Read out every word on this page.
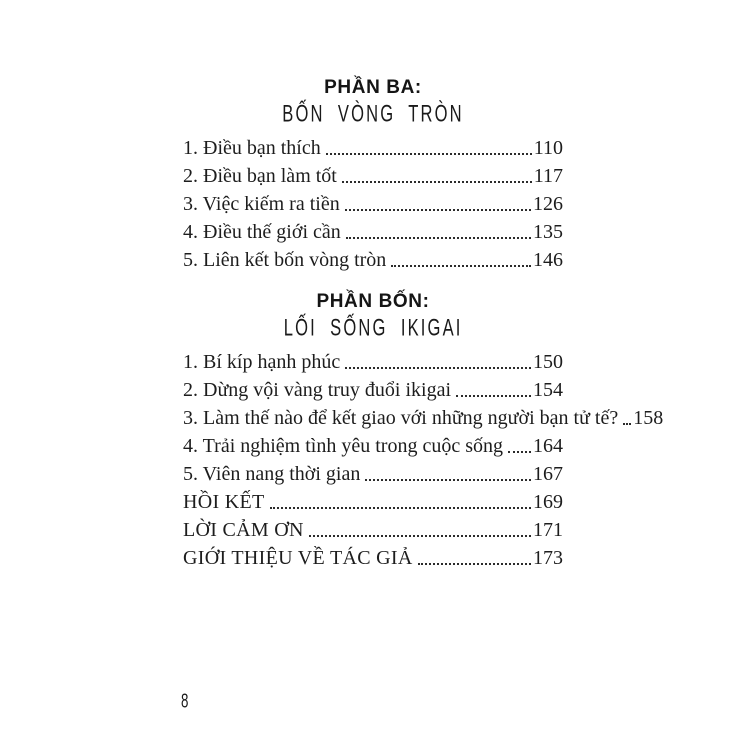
PHẦN BA:
BỐN VÒNG TRÒN
1. Điều bạn thích	110
2. Điều bạn làm tốt	117
3. Việc kiếm ra tiền	126
4. Điều thế giới cần	135
5. Liên kết bốn vòng tròn	146
PHẦN BỐN:
LỐI SỐNG IKIGAI
1. Bí kíp hạnh phúc	150
2. Dừng vội vàng truy đuổi ikigai	154
3. Làm thế nào để kết giao với những người bạn tử tế? 158
4. Trải nghiệm tình yêu trong cuộc sống 164
5. Viên nang thời gian	167
HỒI KẾT	169
LỜI CẢM ƠN	171
GIỚI THIỆU VỀ TÁC GIẢ	173
8
